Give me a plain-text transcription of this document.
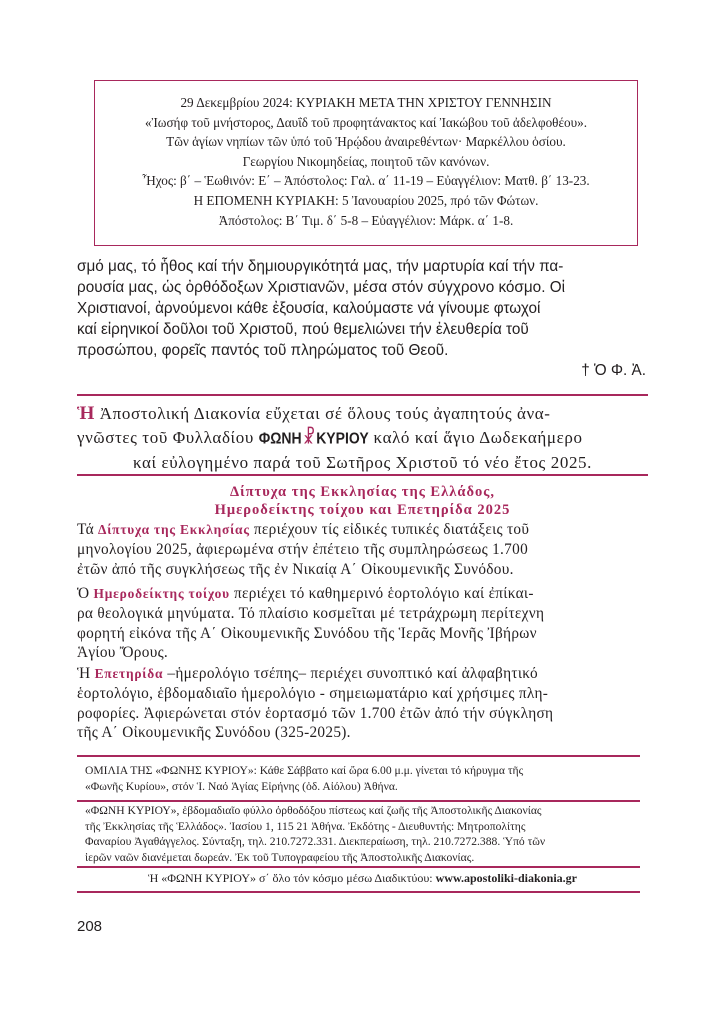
29 Δεκεμβρίου 2024: ΚΥΡΙΑΚΗ ΜΕΤΑ ΤΗΝ ΧΡΙΣΤΟΥ ΓΕΝΝΗΣΙΝ
«Ἰωσήφ τοῦ μνήστορος, Δαυΐδ τοῦ προφητάνακτος καί Ἰακώβου τοῦ ἀδελφοθέου».
Τῶν ἁγίων νηπίων τῶν ὑπό τοῦ Ἡρῴδου ἀναιρεθέντων· Μαρκέλλου ὁσίου.
Γεωργίου Νικομηδείας, ποιητοῦ τῶν κανόνων.
Ἦχος: β΄ – Ἑωθινόν: Ε΄ – Ἀπόστολος: Γαλ. α΄ 11-19 – Εὐαγγέλιον: Ματθ. β΄ 13-23.
Η ΕΠΟΜΕΝΗ ΚΥΡΙΑΚΗ: 5 Ἰανουαρίου 2025, πρό τῶν Φώτων.
Ἀπόστολος: Β΄ Τιμ. δ΄ 5-8 – Εὐαγγέλιον: Μάρκ. α΄ 1-8.
σμό μας, τό ἦθος καί τήν δημιουργικότητά μας, τήν μαρτυρία καί τήν πα-
ρουσία μας, ὡς ὀρθόδοξων Χριστιανῶν, μέσα στόν σύγχρονο κόσμο. Οἱ
Χριστιανοί, ἀρνούμενοι κάθε ἐξουσία, καλούμαστε νά γίνουμε φτωχοί
καί εἰρηνικοί δοῦλοι τοῦ Χριστοῦ, πού θεμελιώνει τήν ἐλευθερία τοῦ
προσώπου, φορεῖς παντός τοῦ πληρώματος τοῦ Θεοῦ.
† Ὁ Φ. Ἀ.
Ἡ Ἀποστολική Διακονία εὔχεται σέ ὅλους τούς ἀγαπητούς ἀνα-
γνῶστες τοῦ Φυλλαδίου ΦΩΝΗ☧ΚΥΡΙΟΥ καλό καί ἅγιο Δωδεκαήμερο
καί εὐλογημένο παρά τοῦ Σωτῆρος Χριστοῦ τό νέο ἔτος 2025.
Δίπτυχα της Εκκλησίας της Ελλάδος,
Ημεροδείκτης τοίχου και Επετηρίδα 2025
Τά Δίπτυχα της Εκκλησίας περιέχουν τίς εἰδικές τυπικές διατάξεις τοῦ
μηνολογίου 2025, ἀφιερωμένα στήν ἐπέτειο τῆς συμπληρώσεως 1.700
ἐτῶν ἀπό τῆς συγκλήσεως τῆς ἐν Νικαίᾳ Α΄ Οἰκουμενικῆς Συνόδου.
Ὁ Ημεροδείκτης τοίχου περιέχει τό καθημερινό ἑορτολόγιο καί ἐπίκαι-
ρα θεολογικά μηνύματα. Τό πλαίσιο κοσμεῖται μέ τετράχρωμη περίτεχνη
φορητή εἰκόνα τῆς Α΄ Οἰκουμενικῆς Συνόδου τῆς Ἱερᾶς Μονῆς Ἰβήρων
Ἁγίου Ὄρους.
Ἡ Επετηρίδα –ἡμερολόγιο τσέπης– περιέχει συνοπτικό καί ἀλφαβητικό
ἑορτολόγιο, ἑβδομαδιαῖο ἡμερολόγιο - σημειωματάριο καί χρήσιμες πλη-
ροφορίες. Ἀφιερώνεται στόν ἑορτασμό τῶν 1.700 ἐτῶν ἀπό τήν σύγκληση
τῆς Α΄ Οἰκουμενικῆς Συνόδου (325-2025).
ΟΜΙΛΙΑ ΤΗΣ «ΦΩΝΗΣ ΚΥΡΙΟΥ»: Κάθε Σάββατο καί ὥρα 6.00 μ.μ. γίνεται τό κήρυγμα τῆς
«Φωνῆς Κυρίου», στόν Ἱ. Ναό Ἁγίας Εἰρήνης (ὁδ. Αἰόλου) Ἀθήνα.
«ΦΩΝΗ ΚΥΡΙΟΥ», ἑβδομαδιαῖο φύλλο ὀρθοδόξου πίστεως καί ζωῆς τῆς Ἀποστολικῆς Διακονίας
τῆς Ἐκκλησίας τῆς Ἑλλάδος». Ἰασίου 1, 115 21 Ἀθήνα. Ἐκδότης - Διευθυντής: Μητροπολίτης
Φαναρίου Ἀγαθάγγελος. Σύνταξη, τηλ. 210.7272.331. Διεκπεραίωση, τηλ. 210.7272.388. Ὑπό τῶν
ἱερῶν ναῶν διανέμεται δωρεάν. Ἐκ τοῦ Τυπογραφείου τῆς Ἀποστολικῆς Διακονίας.
Ἡ «ΦΩΝΗ ΚΥΡΙΟΥ» σ΄ ὅλο τόν κόσμο μέσω Διαδικτύου: www.apostoliki-diakonia.gr
208
